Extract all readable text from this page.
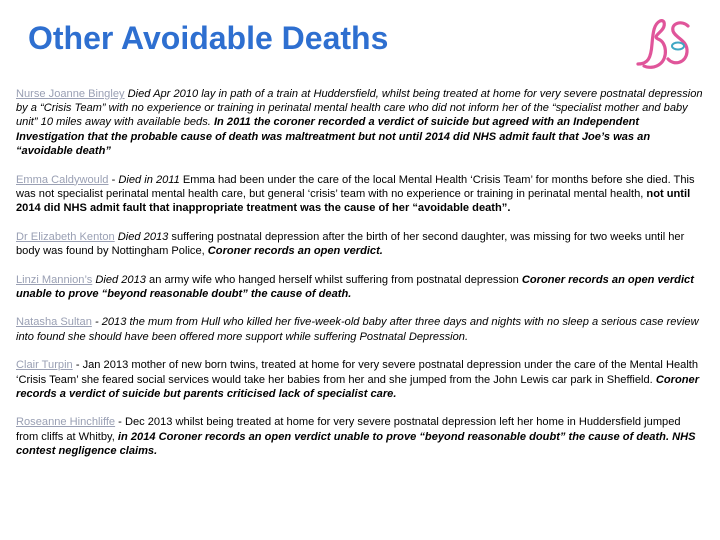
Other Avoidable Deaths

Nurse Joanne Bingley Died Apr 2010 lay in path of a train at Huddersfield, whilst being treated at home for very severe postnatal depression by a “Crisis Team” with no experience or training in perinatal mental health care who did not inform her of the “specialist mother and baby unit” 10 miles away with available beds. In 2011 the coroner recorded a verdict of suicide but agreed with an Independent Investigation that the probable cause of death was maltreatment but not until 2014 did NHS admit fault that Joe’s was an “avoidable death”

Emma Caldywould - Died in 2011 Emma had been under the care of the local Mental Health ‘Crisis Team’ for months before she died. This was not specialist perinatal mental health care, but general ‘crisis’ team with no experience or training in perinatal mental health, not until 2014 did NHS admit fault that inappropriate treatment was the cause of her “avoidable death”.

Dr Elizabeth Kenton Died 2013 suffering postnatal depression after the birth of her second daughter, was missing for two weeks until her body was found by Nottingham Police, Coroner records an open verdict.

Linzi Mannion’s Died 2013 an army wife who hanged herself whilst suffering from postnatal depression Coroner records an open verdict unable to prove “beyond reasonable doubt” the cause of death.

Natasha Sultan - 2013 the mum from Hull who killed her five-week-old baby after three days and nights with no sleep a serious case review into found she should have been offered more support while suffering Postnatal Depression.

Clair Turpin - Jan 2013 mother of new born twins, treated at home for very severe postnatal depression under the care of the Mental Health ‘Crisis Team’ she feared social services would take her babies from her and she jumped from the John Lewis car park in Sheffield. Coroner records a verdict of suicide but parents criticised lack of specialist care.

Roseanne Hinchliffe - Dec 2013 whilst being treated at home for very severe postnatal depression left her home in Huddersfield jumped from cliffs at Whitby, in 2014 Coroner records an open verdict unable to prove “beyond reasonable doubt” the cause of death. NHS contest negligence claims.
